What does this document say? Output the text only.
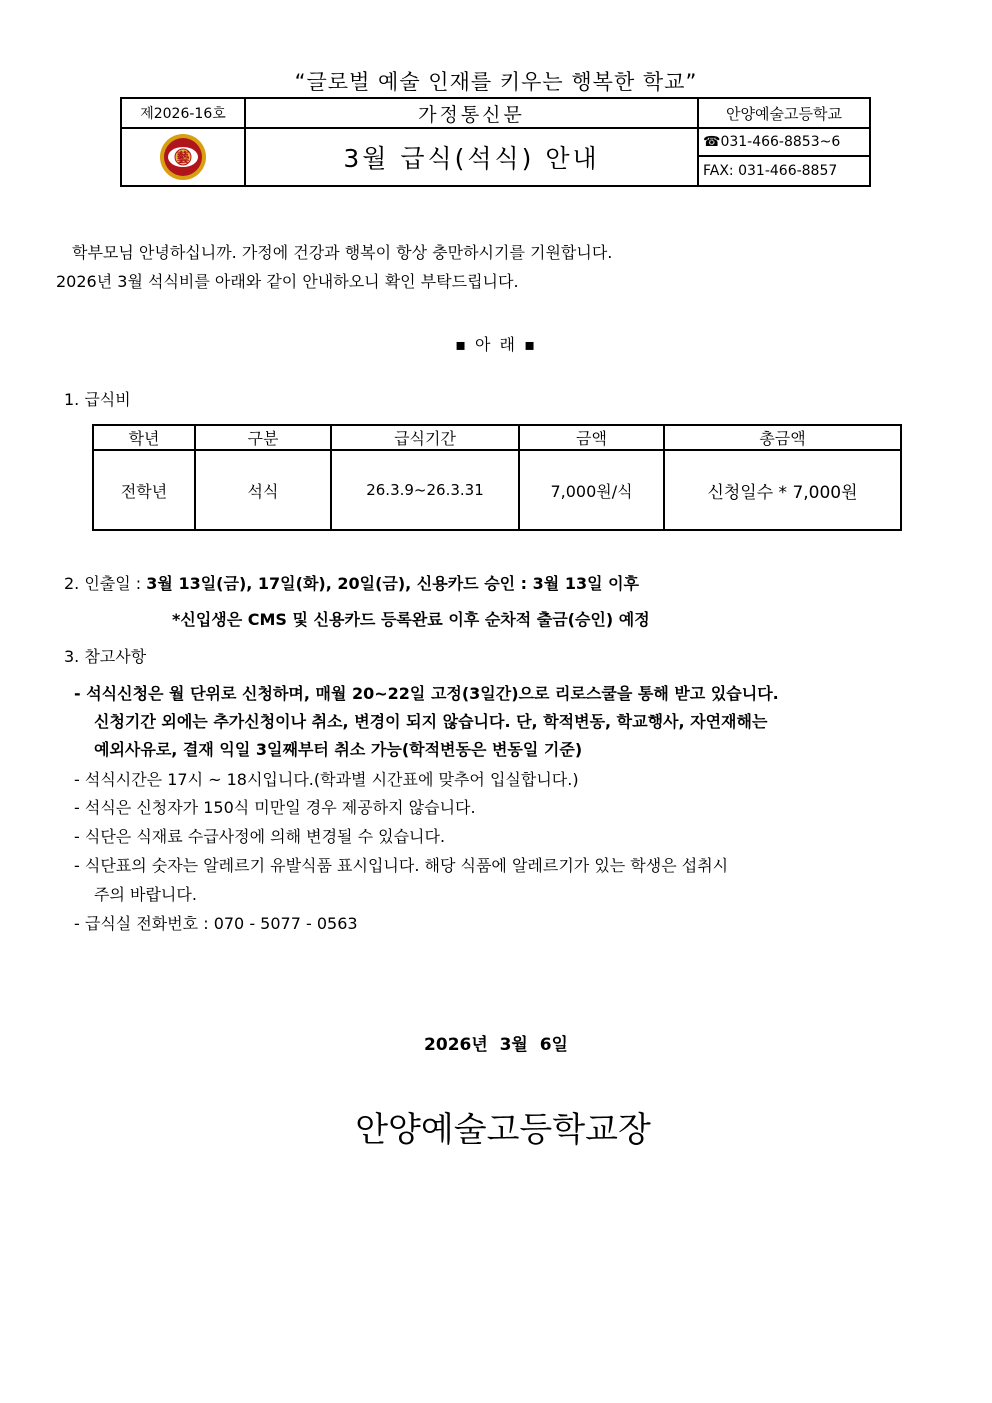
“글로벌 예술 인재를 키우는 행복한 학교”
제2026-16호	가정통신문	안양예술고등학교

藝	3월 급식(석식) 안내	☎031-466-8853~6
		FAX: 031-466-8857
학부모님 안녕하십니까. 가정에 건강과 행복이 항상 충만하시기를 기원합니다.
2026년 3월 석식비를 아래와 같이 안내하오니 확인 부탁드립니다.
▪ 아 래 ▪
1. 급식비
학년	구분	급식기간	금액	총금액
전학년	석식	26.3.9~26.3.31	7,000원/식	신청일수 * 7,000원
2. 인출일 : 3월 13일(금), 17일(화), 20일(금), 신용카드 승인 : 3월 13일 이후
*신입생은 CMS 및 신용카드 등록완료 이후 순차적 출금(승인) 예정
3. 참고사항
- 석식신청은 월 단위로 신청하며, 매월 20~22일 고정(3일간)으로 리로스쿨을 통해 받고 있습니다.
신청기간 외에는 추가신청이나 취소, 변경이 되지 않습니다. 단, 학적변동, 학교행사, 자연재해는
예외사유로, 결재 익일 3일째부터 취소 가능(학적변동은 변동일 기준)
- 석식시간은 17시 ~ 18시입니다.(학과별 시간표에 맞추어 입실합니다.)
- 석식은 신청자가 150식 미만일 경우 제공하지 않습니다.
- 식단은 식재료 수급사정에 의해 변경될 수 있습니다.
- 식단표의 숫자는 알레르기 유발식품 표시입니다. 해당 식품에 알레르기가 있는 학생은 섭취시
주의 바랍니다.
- 급식실 전화번호 : 070 - 5077 - 0563
2026년  3월  6일
안양예술고등학교장
